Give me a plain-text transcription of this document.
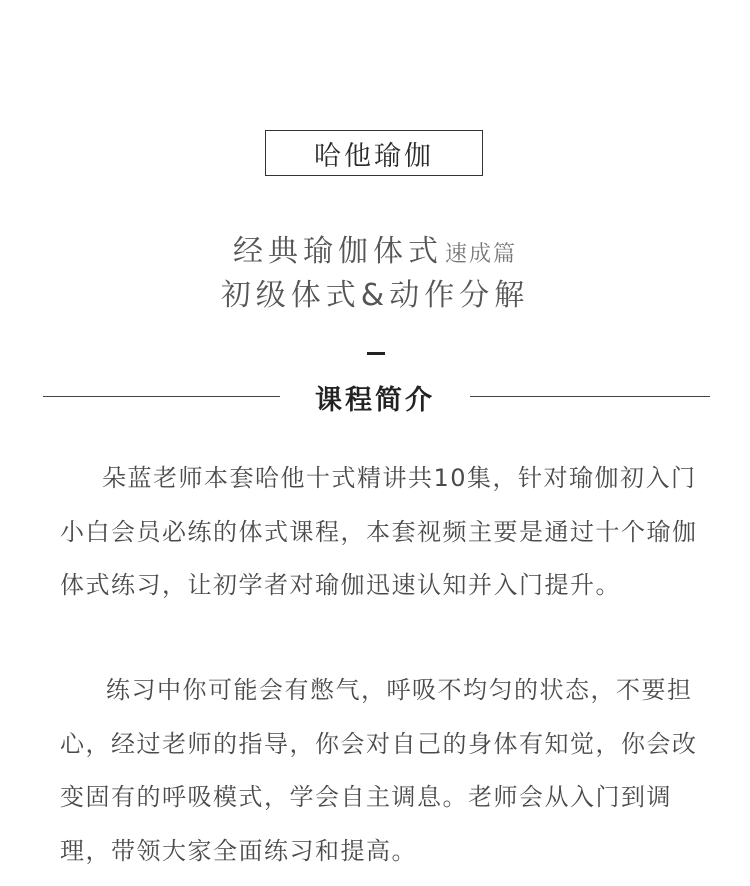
哈他瑜伽
经典瑜伽体式速成篇
初级体式&动作分解
课程简介

朵蓝老师本套哈他十式精讲共10集，针对瑜伽初入门小白会员必练的体式课程，本套视频主要是通过十个瑜伽体式练习，让初学者对瑜伽迅速认知并入门提升。

练习中你可能会有憋气，呼吸不均匀的状态，不要担心，经过老师的指导，你会对自己的身体有知觉，你会改变固有的呼吸模式，学会自主调息。老师会从入门到调理，带领大家全面练习和提高。
